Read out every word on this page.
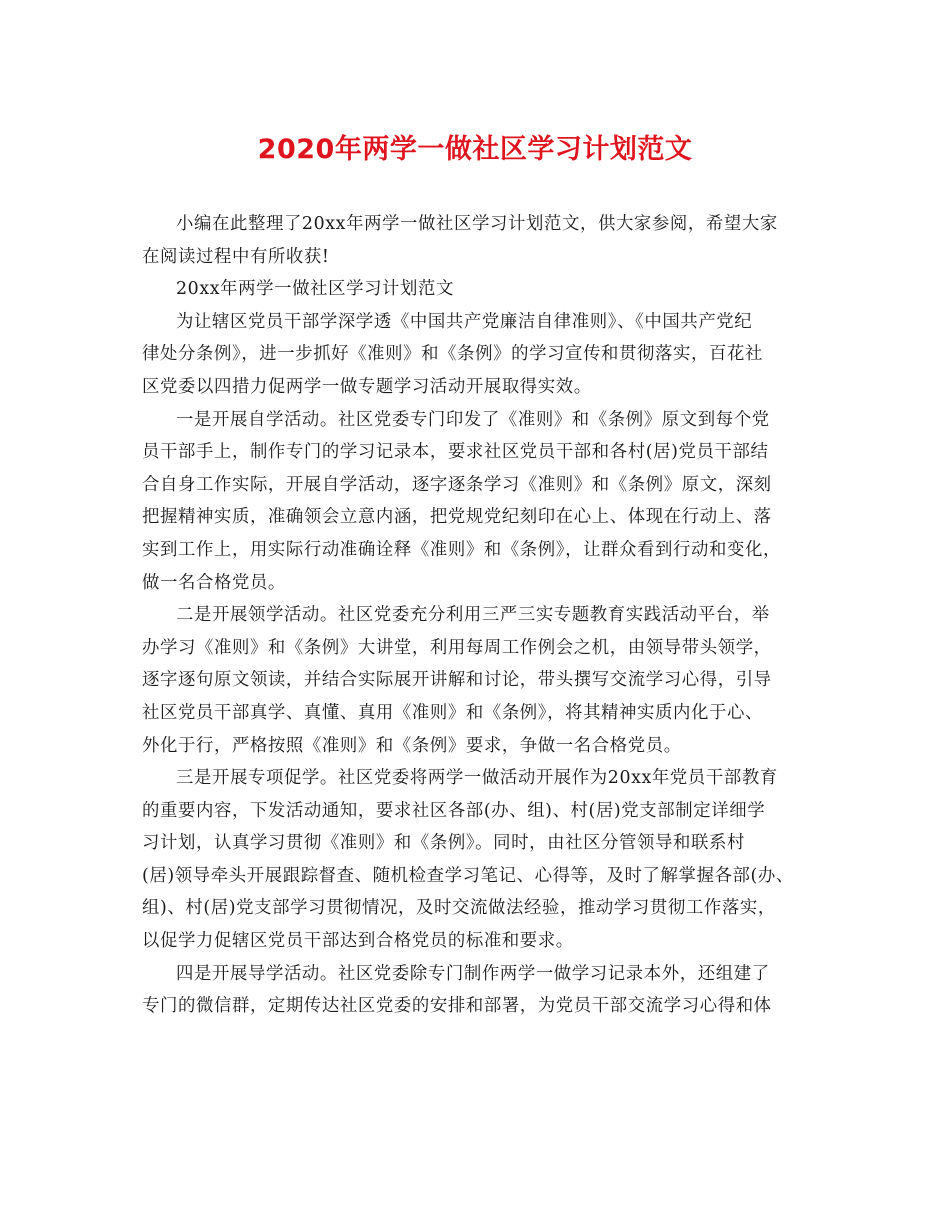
2020年两学一做社区学习计划范文
小编在此整理了20xx年两学一做社区学习计划范文，供大家参阅，希望大家
在阅读过程中有所收获!
20xx年两学一做社区学习计划范文
为让辖区党员干部学深学透《中国共产党廉洁自律准则》、《中国共产党纪
律处分条例》，进一步抓好《准则》和《条例》的学习宣传和贯彻落实，百花社
区党委以四措力促两学一做专题学习活动开展取得实效。
一是开展自学活动。社区党委专门印发了《准则》和《条例》原文到每个党
员干部手上，制作专门的学习记录本，要求社区党员干部和各村(居)党员干部结
合自身工作实际，开展自学活动，逐字逐条学习《准则》和《条例》原文，深刻
把握精神实质，准确领会立意内涵，把党规党纪刻印在心上、体现在行动上、落
实到工作上，用实际行动准确诠释《准则》和《条例》，让群众看到行动和变化，
做一名合格党员。
二是开展领学活动。社区党委充分利用三严三实专题教育实践活动平台，举
办学习《准则》和《条例》大讲堂，利用每周工作例会之机，由领导带头领学，
逐字逐句原文领读，并结合实际展开讲解和讨论，带头撰写交流学习心得，引导
社区党员干部真学、真懂、真用《准则》和《条例》，将其精神实质内化于心、
外化于行，严格按照《准则》和《条例》要求，争做一名合格党员。
三是开展专项促学。社区党委将两学一做活动开展作为20xx年党员干部教育
的重要内容，下发活动通知，要求社区各部(办、组)、村(居)党支部制定详细学
习计划，认真学习贯彻《准则》和《条例》。同时，由社区分管领导和联系村
(居)领导牵头开展跟踪督查、随机检查学习笔记、心得等，及时了解掌握各部(办、
组)、村(居)党支部学习贯彻情况，及时交流做法经验，推动学习贯彻工作落实，
以促学力促辖区党员干部达到合格党员的标准和要求。
四是开展导学活动。社区党委除专门制作两学一做学习记录本外，还组建了
专门的微信群，定期传达社区党委的安排和部署，为党员干部交流学习心得和体
